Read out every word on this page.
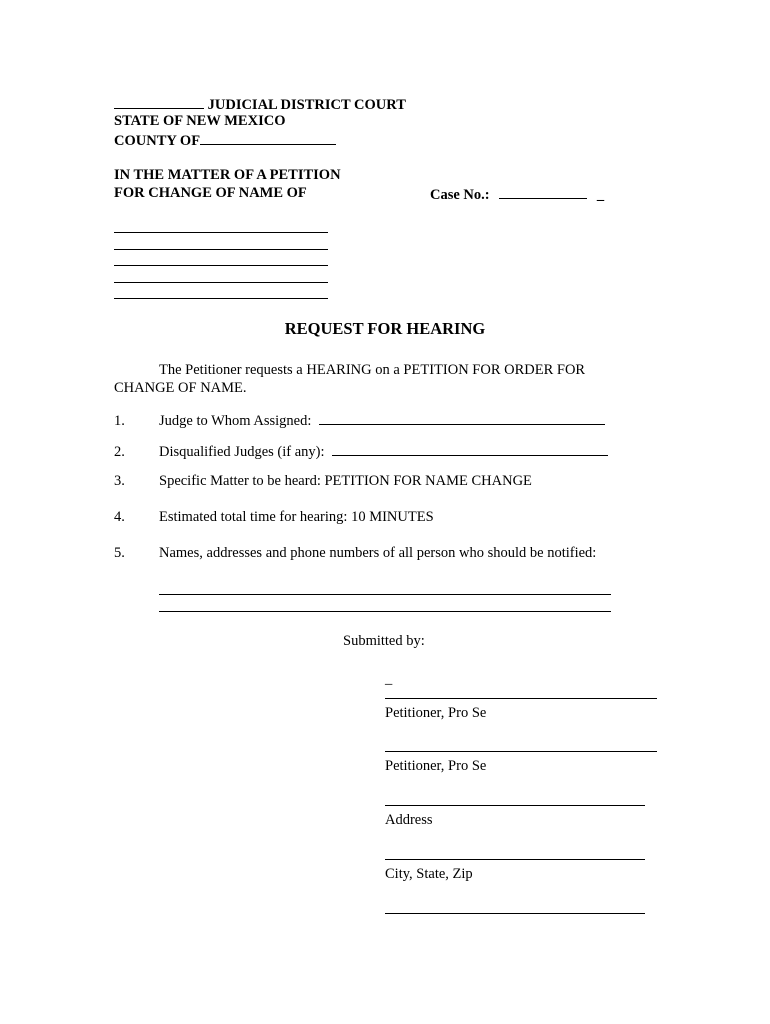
JUDICIAL DISTRICT COURT
STATE OF NEW MEXICO
COUNTY OF
IN THE MATTER OF A PETITION
FOR CHANGE OF NAME OF	Case No.:	_
REQUEST FOR HEARING
The Petitioner requests a HEARING on a PETITION FOR ORDER FOR
CHANGE OF NAME.
1. Judge to Whom Assigned:
2. Disqualified Judges (if any):
3. Specific Matter to be heard: PETITION FOR NAME CHANGE
4. Estimated total time for hearing: 10 MINUTES
5. Names, addresses and phone numbers of all person who should be notified:
Submitted by:
_
Petitioner, Pro Se
Petitioner, Pro Se
Address
City, State, Zip
